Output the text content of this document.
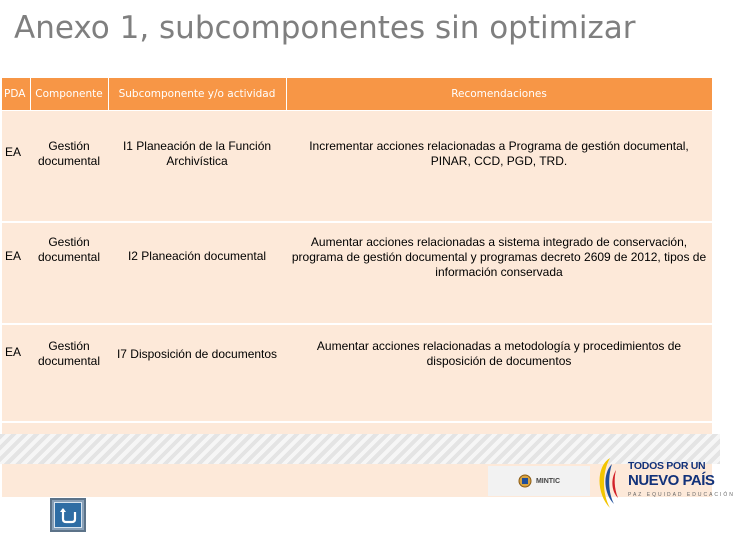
Anexo 1, subcomponentes sin optimizar
PDA	Componente	Subcomponente y/o actividad	Recomendaciones
EA	Gestión documental	I1 Planeación de la Función Archivística	Incrementar acciones relacionadas a Programa de gestión documental, PINAR, CCD, PGD, TRD.
EA	Gestión documental	I2 Planeación documental	Aumentar acciones relacionadas a sistema integrado de conservación, programa de gestión documental y programas decreto 2609 de 2012, tipos de información conservada
EA	Gestión documental	I7 Disposición de documentos	Aumentar acciones relacionadas a metodología y procedimientos de disposición de documentos

MINTIC
TODOS POR UN
NUEVO PAÍS
PAZ EQUIDAD EDUCACIÓN
